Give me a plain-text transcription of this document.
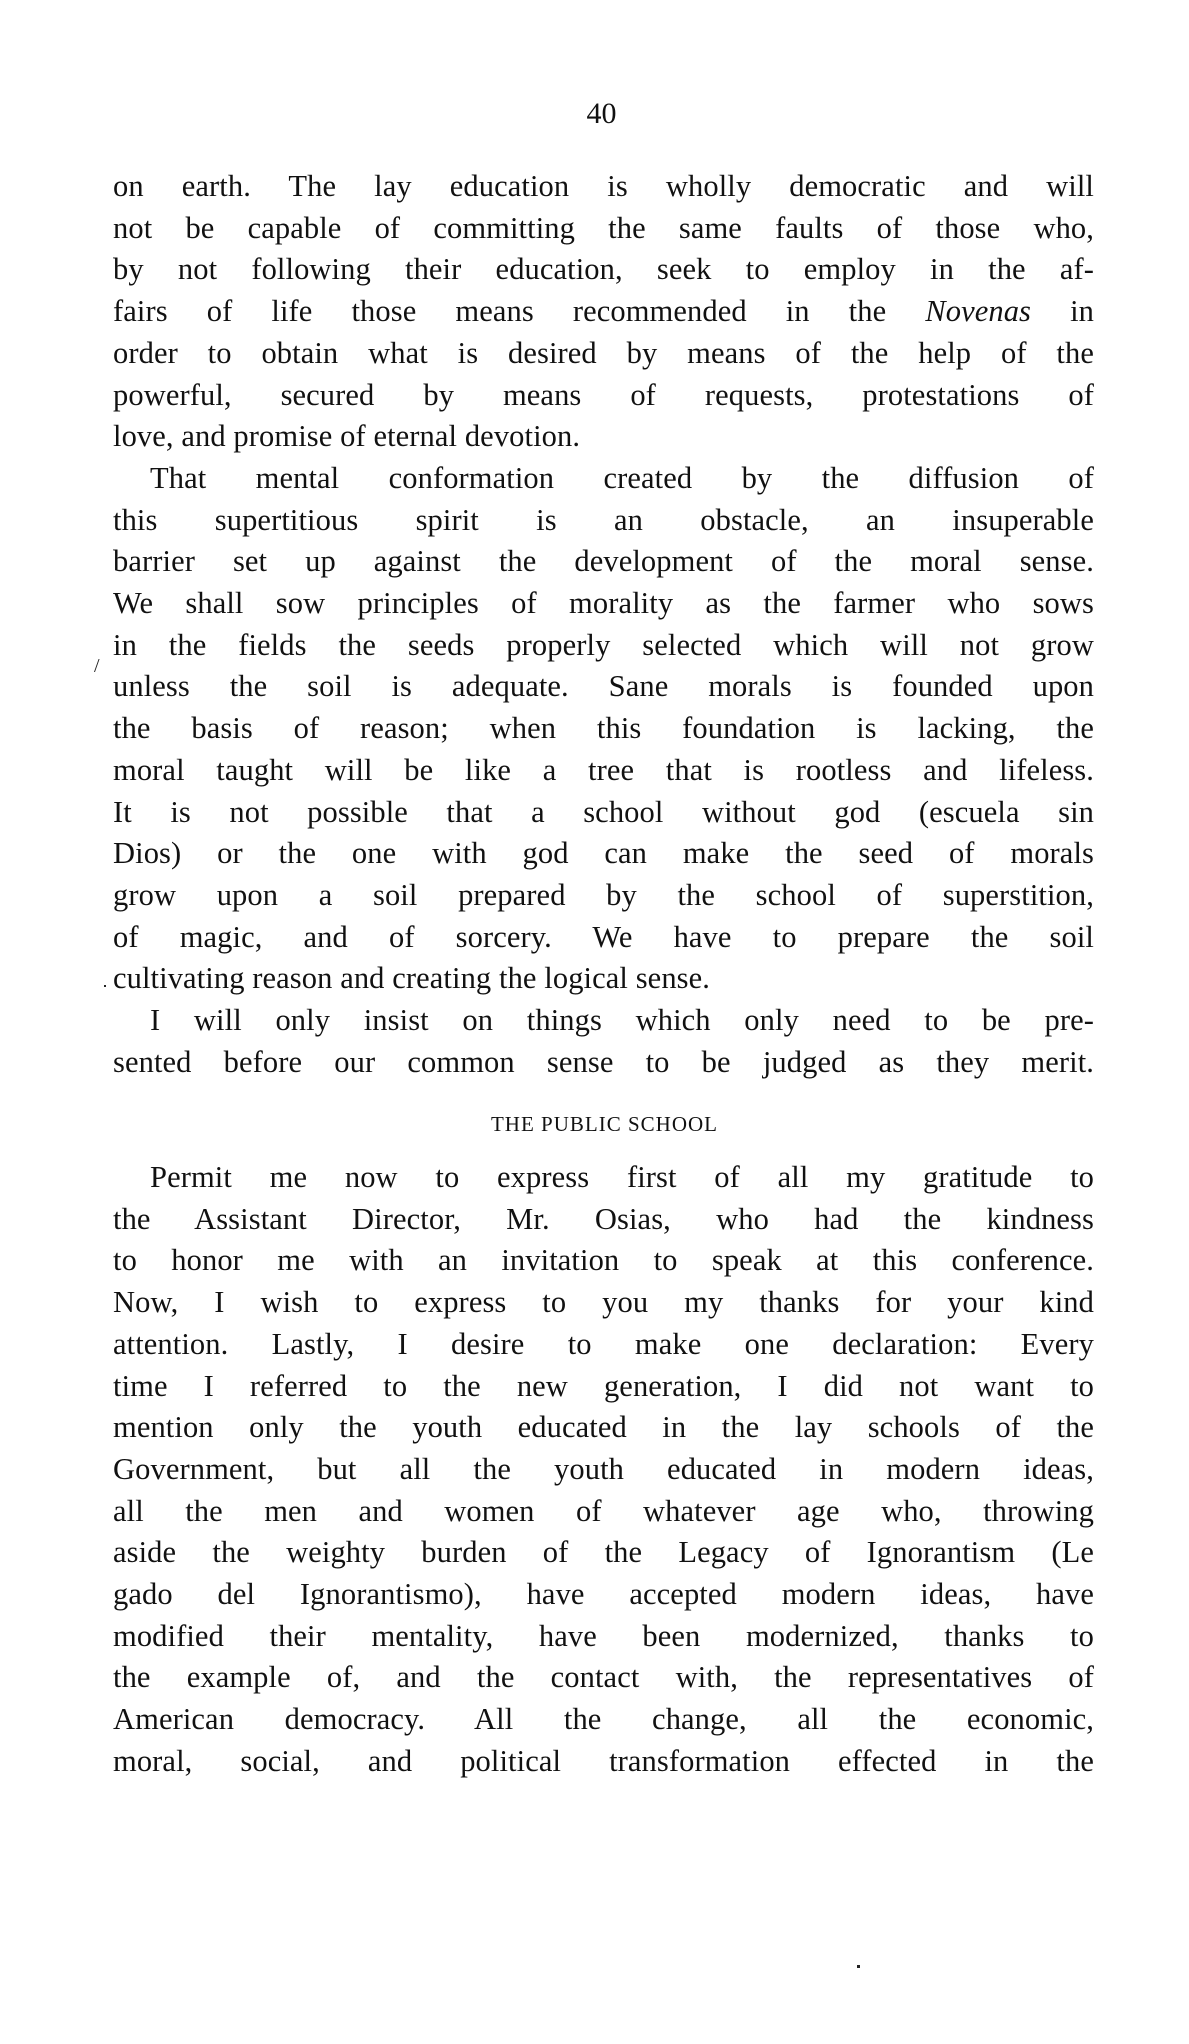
40
on earth. The lay education is wholly democratic and will
not be capable of committing the same faults of those who,
by not following their education, seek to employ in the af-
fairs of life those means recommended in the Novenas in
order to obtain what is desired by means of the help of the
powerful, secured by means of requests, protestations of
love, and promise of eternal devotion.
That mental conformation created by the diffusion of
this supertitious spirit is an obstacle, an insuperable
barrier set up against the development of the moral sense.
We shall sow principles of morality as the farmer who sows
in the fields the seeds properly selected which will not grow
unless the soil is adequate. Sane morals is founded upon
the basis of reason; when this foundation is lacking, the
moral taught will be like a tree that is rootless and lifeless.
It is not possible that a school without god (escuela sin
Dios) or the one with god can make the seed of morals
grow upon a soil prepared by the school of superstition,
of magic, and of sorcery. We have to prepare the soil
cultivating reason and creating the logical sense.
I will only insist on things which only need to be pre-
sented before our common sense to be judged as they merit.
THE PUBLIC SCHOOL
Permit me now to express first of all my gratitude to
the Assistant Director, Mr. Osias, who had the kindness
to honor me with an invitation to speak at this conference.
Now, I wish to express to you my thanks for your kind
attention. Lastly, I desire to make one declaration: Every
time I referred to the new generation, I did not want to
mention only the youth educated in the lay schools of the
Government, but all the youth educated in modern ideas,
all the men and women of whatever age who, throwing
aside the weighty burden of the Legacy of Ignorantism (Le
gado del Ignorantismo), have accepted modern ideas, have
modified their mentality, have been modernized, thanks to
the example of, and the contact with, the representatives of
American democracy. All the change, all the economic,
moral, social, and political transformation effected in the
/
